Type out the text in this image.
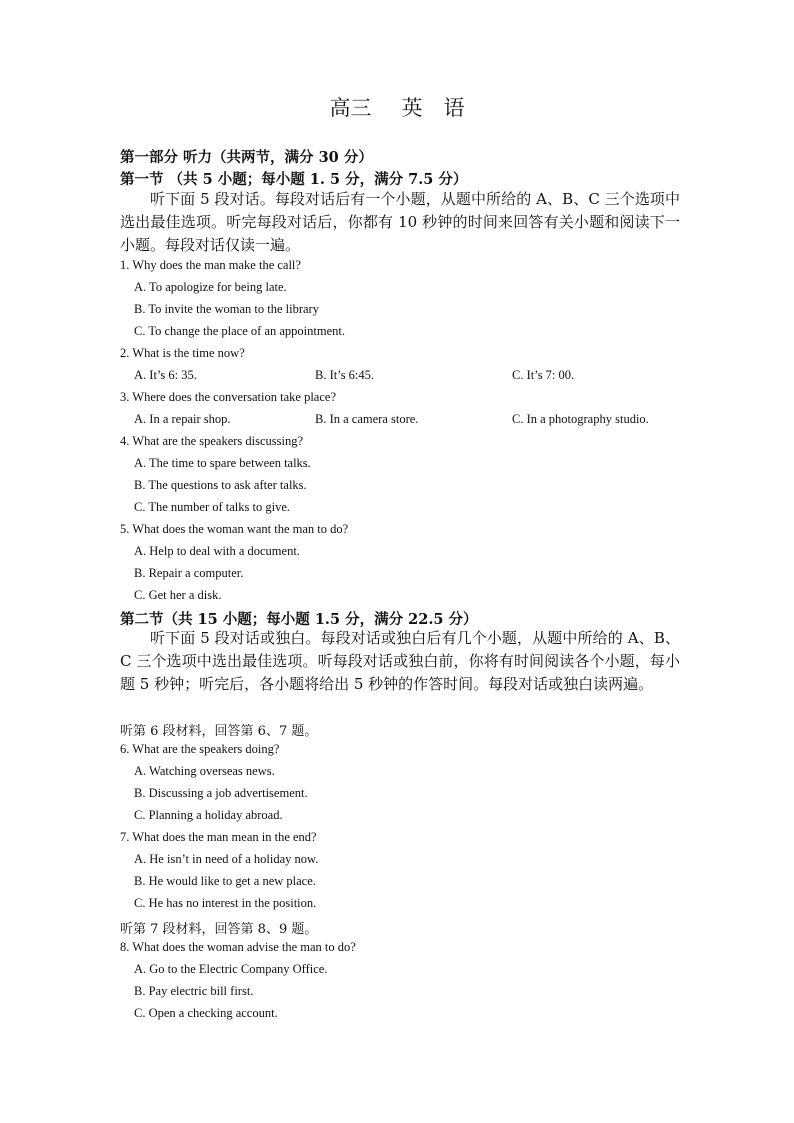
高三 英　语
第一部分 听力（共两节，满分 30 分）
第一节 （共 5 小题；每小题 1. 5 分，满分 7.5 分）
听下面 5 段对话。每段对话后有一个小题，从题中所给的 A、B、C 三个选项中选出最佳选项。听完每段对话后，你都有 10 秒钟的时间来回答有关小题和阅读下一小题。每段对话仅读一遍。
1. Why does the man make the call?
A. To apologize for being late.
B. To invite the woman to the library
C. To change the place of an appointment.
2. What is the time now?
A. It’s 6: 35.	B. It’s 6:45.	C. It’s 7: 00.
3. Where does the conversation take place?
A. In a repair shop.	B. In a camera store.	C. In a photography studio.
4. What are the speakers discussing?
A. The time to spare between talks.
B. The questions to ask after talks.
C. The number of talks to give.
5. What does the woman want the man to do?
A. Help to deal with a document.
B. Repair a computer.
C. Get her a disk.
第二节（共 15 小题；每小题 1.5 分，满分 22.5 分）
听下面 5 段对话或独白。每段对话或独白后有几个小题，从题中所给的 A、B、C 三个选项中选出最佳选项。听每段对话或独白前，你将有时间阅读各个小题，每小题 5 秒钟；听完后，各小题将给出 5 秒钟的作答时间。每段对话或独白读两遍。
听第 6 段材料，回答第 6、7 题。
6. What are the speakers doing?
A. Watching overseas news.
B. Discussing a job advertisement.
C. Planning a holiday abroad.
7. What does the man mean in the end?
A. He isn’t in need of a holiday now.
B. He would like to get a new place.
C. He has no interest in the position.
听第 7 段材料，回答第 8、9 题。
8. What does the woman advise the man to do?
A. Go to the Electric Company Office.
B. Pay electric bill first.
C. Open a checking account.
